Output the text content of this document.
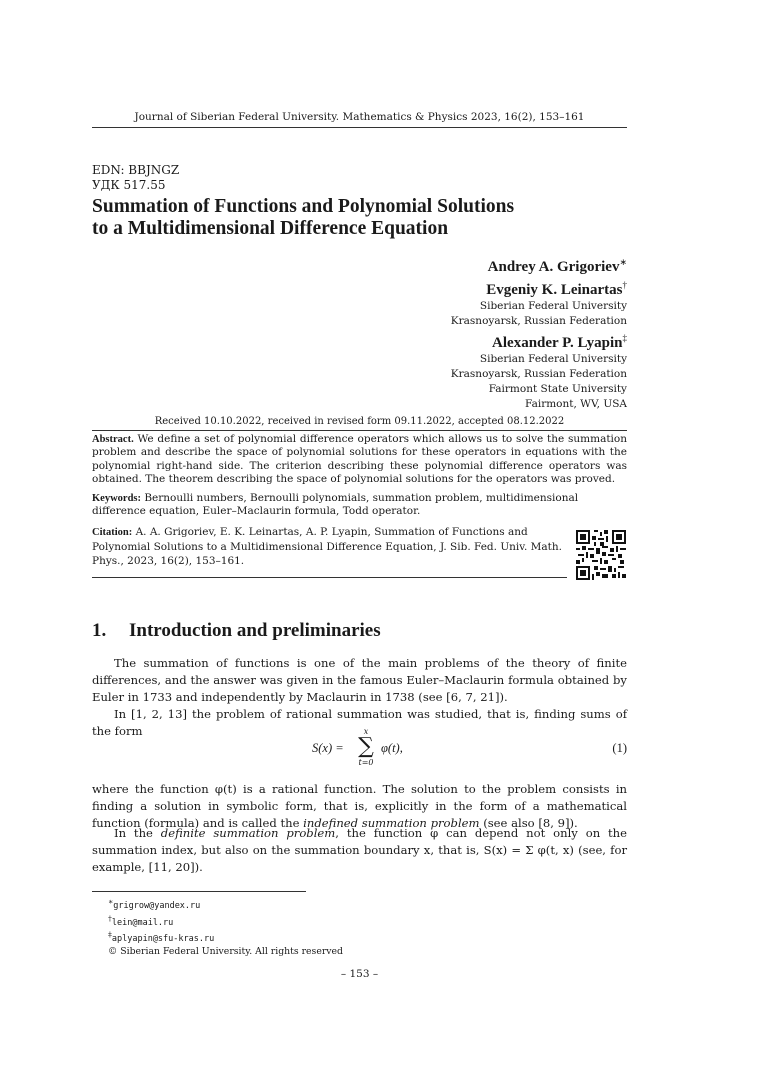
Journal of Siberian Federal University. Mathematics & Physics 2023, 16(2), 153–161
EDN: BBJNGZ
УДК 517.55
Summation of Functions and Polynomial Solutions
to a Multidimensional Difference Equation
Andrey A. Grigoriev∗
Evgeniy K. Leinartas†
Siberian Federal University
Krasnoyarsk, Russian Federation
Alexander P. Lyapin‡
Siberian Federal University
Krasnoyarsk, Russian Federation
Fairmont State University
Fairmont, WV, USA
Received 10.10.2022, received in revised form 09.11.2022, accepted 08.12.2022
Abstract. We define a set of polynomial difference operators which allows us to solve the summation problem and describe the space of polynomial solutions for these operators in equations with the polynomial right-hand side. The criterion describing these polynomial difference operators was obtained. The theorem describing the space of polynomial solutions for the operators was proved.
Keywords: Bernoulli numbers, Bernoulli polynomials, summation problem, multidimensional difference equation, Euler–Maclaurin formula, Todd operator.
Citation: A. A. Grigoriev, E. K. Leinartas, A. P. Lyapin, Summation of Functions and Polynomial Solutions to a Multidimensional Difference Equation, J. Sib. Fed. Univ. Math. Phys., 2023, 16(2), 153–161.
1. Introduction and preliminaries
The summation of functions is one of the main problems of the theory of finite differences, and the answer was given in the famous Euler–Maclaurin formula obtained by Euler in 1733 and independently by Maclaurin in 1738 (see [6, 7, 21]).
In [1, 2, 13] the problem of rational summation was studied, that is, finding sums of the form
S(x) =
x
∑
t=0
φ(t),	(1)
where the function φ(t) is a rational function. The solution to the problem consists in finding a solution in symbolic form, that is, explicitly in the form of a mathematical function (formula) and is called the indefined summation problem (see also [8, 9]).
In the definite summation problem, the function φ can depend not only on the summation index, but also on the summation boundary x, that is, S(x) = Σ φ(t, x) (see, for example, [11, 20]).
∗grigrow@yandex.ru
†lein@mail.ru
‡aplyapin@sfu-kras.ru
© Siberian Federal University. All rights reserved
– 153 –
